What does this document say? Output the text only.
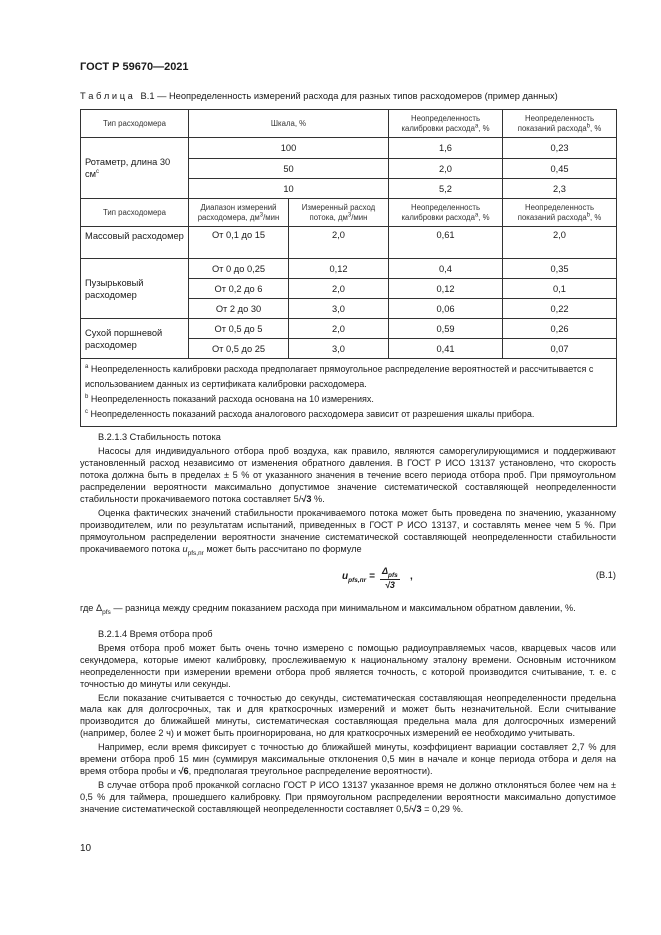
ГОСТ Р 59670—2021
Т а б л и ц а   В.1 — Неопределенность измерений расхода для разных типов расходомеров (пример данных)
Тип расходомера	Шкала, %		Неопределенность калибровки расхода$^a$, %	Неопределенность показаний расхода$^b$, %
Ротаметр, длина 30 $см^c$	100		1,6	0,23
	50		2,0	0,45
	10		5,2	2,3
Тип расходомера	Диапазон измерений расходомера, $дм^3$/мин	Измеренный расход потока, $дм^3$/мин	Неопределенность калибровки расхода$^a$, %	Неопределенность показаний расхода$^b$, %
Массовый расходомер	От 0,1 до 15	2,0	0,61	2,0
Пузырьковый расходомер	От 0 до 0,25	0,12	0,4	0,35
	От 0,2 до 6	2,0	0,12	0,1
	От 2 до 30	3,0	0,06	0,22
Сухой поршневой расходомер	От 0,5 до 5	2,0	0,59	0,26
	От 0,5 до 25	3,0	0,41	0,07

$^a$ Неопределенность калибровки расхода предполагает прямоугольное распределение вероятностей и рассчитывается с использованием данных из сертификата калибровки расходомера.
$^b$ Неопределенность показаний расхода основана на 10 измерениях.
$^c$ Неопределенность показаний расхода аналогового расходомера зависит от разрешения шкалы прибора.				

В.2.1.3 Стабильность потока

Насосы для индивидуального отбора проб воздуха, как правило, являются саморегулирующимися и поддерживают установленный расход независимо от изменения обратного давления. В ГОСТ Р ИСО 13137 установлено, что скорость потока должна быть в пределах ± 5 % от указанного значения в течение всего периода отбора проб. При прямоугольном распределении вероятности максимально допустимое значение систематической составляющей неопределенности стабильности прокачиваемого потока составляет 5/√3 %.

Оценка фактических значений стабильности прокачиваемого потока может быть проведена по значению, указанному производителем, или по результатам испытаний, приведенных в ГОСТ Р ИСО 13137, и составлять менее чем 5 %. При прямоугольном распределении вероятности значение систематической составляющей неопределенности стабильности прокачиваемого потока $u_{pfs,пr}$ может быть рассчитано по формуле

$u_{pfs,пr} = \Delta_{pfs}$
√3
,	(В.1)

где $\Delta_{pfs}$ — разница между средним показанием расхода при минимальном и максимальном обратном давлении, %.

В.2.1.4 Время отбора проб

Время отбора проб может быть очень точно измерено с помощью радиоуправляемых часов, кварцевых часов или секундомера, которые имеют калибровку, прослеживаемую к национальному эталону времени. Основным источником неопределенности при измерении времени отбора проб является точность, с которой производится считывание, т. е. с точностью до минуты или секунды.

Если показание считывается с точностью до секунды, систематическая составляющая неопределенности предельна мала как для долгосрочных, так и для краткосрочных измерений и может быть незначительной. Если считывание производится до ближайшей минуты, систематическая составляющая предельна мала для долгосрочных измерений (например, более 2 ч) и может быть проигнорирована, но для краткосрочных измерений ее необходимо учитывать.

Например, если время фиксирует с точностью до ближайшей минуты, коэффициент вариации составляет 2,7 % для времени отбора проб 15 мин (суммируя максимальные отклонения 0,5 мин в начале и конце периода отбора и деля на время отбора пробы и √6, предполагая треугольное распределение вероятности).

В случае отбора проб прокачкой согласно ГОСТ Р ИСО 13137 указанное время не должно отклоняться более чем на ± 0,5 % для таймера, прошедшего калибровку. При прямоугольном распределении вероятности максимально допустимое значение систематической составляющей неопределенности составляет 0,5/√3 = 0,29 %.

10
